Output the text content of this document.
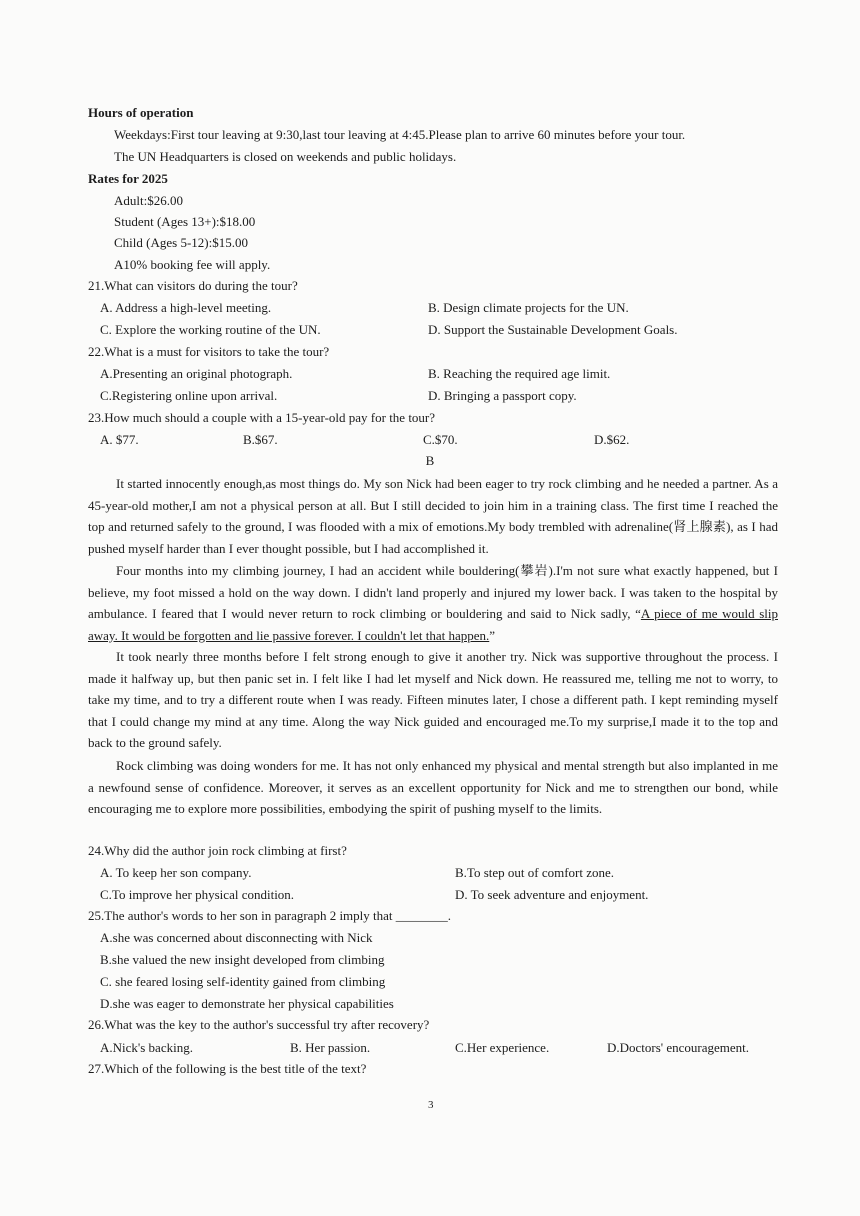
Hours of operation
Weekdays:First tour leaving at 9:30,last tour leaving at 4:45.Please plan to arrive 60 minutes before your tour.
The UN Headquarters is closed on weekends and public holidays.
Rates for 2025
Adult:$26.00
Student (Ages 13+):$18.00
Child (Ages 5-12):$15.00
A10% booking fee will apply.
21.What can visitors do during the tour?
A. Address a high-level meeting.	B. Design climate projects for the UN.
C. Explore the working routine of the UN.	D. Support the Sustainable Development Goals.
22.What is a must for visitors to take the tour?
A.Presenting an original photograph.	B. Reaching the required age limit.
C.Registering online upon arrival.	D. Bringing a passport copy.
23.How much should a couple with a 15-year-old pay for the tour?
A. $77.	B.$67.	C.$70.	D.$62.
B
It started innocently enough,as most things do. My son Nick had been eager to try rock climbing and he needed a partner. As a 45-year-old mother,I am not a physical person at all. But I still decided to join him in a training class. The first time I reached the top and returned safely to the ground, I was flooded with a mix of emotions.My body trembled with adrenaline(肾上腺素), as I had pushed myself harder than I ever thought possible, but I had accomplished it.
Four months into my climbing journey, I had an accident while bouldering(攀岩).I'm not sure what exactly happened, but I believe, my foot missed a hold on the way down. I didn't land properly and injured my lower back. I was taken to the hospital by ambulance. I feared that I would never return to rock climbing or bouldering and said to Nick sadly, “A piece of me would slip away. It would be forgotten and lie passive forever. I couldn't let that happen.”
It took nearly three months before I felt strong enough to give it another try. Nick was supportive throughout the process. I made it halfway up, but then panic set in. I felt like I had let myself and Nick down. He reassured me, telling me not to worry, to take my time, and to try a different route when I was ready. Fifteen minutes later, I chose a different path. I kept reminding myself that I could change my mind at any time. Along the way Nick guided and encouraged me.To my surprise,I made it to the top and back to the ground safely.
Rock climbing was doing wonders for me. It has not only enhanced my physical and mental strength but also implanted in me a newfound sense of confidence. Moreover, it serves as an excellent opportunity for Nick and me to strengthen our bond, while encouraging me to explore more possibilities, embodying the spirit of pushing myself to the limits.
24.Why did the author join rock climbing at first?
A. To keep her son company.	B.To step out of comfort zone.
C.To improve her physical condition.	D. To seek adventure and enjoyment.
25.The author's words to her son in paragraph 2 imply that ________.
A.she was concerned about disconnecting with Nick
B.she valued the new insight developed from climbing
C. she feared losing self-identity gained from climbing
D.she was eager to demonstrate her physical capabilities
26.What was the key to the author's successful try after recovery?
A.Nick's backing.	B. Her passion.	C.Her experience.	D.Doctors' encouragement.
27.Which of the following is the best title of the text?
3
